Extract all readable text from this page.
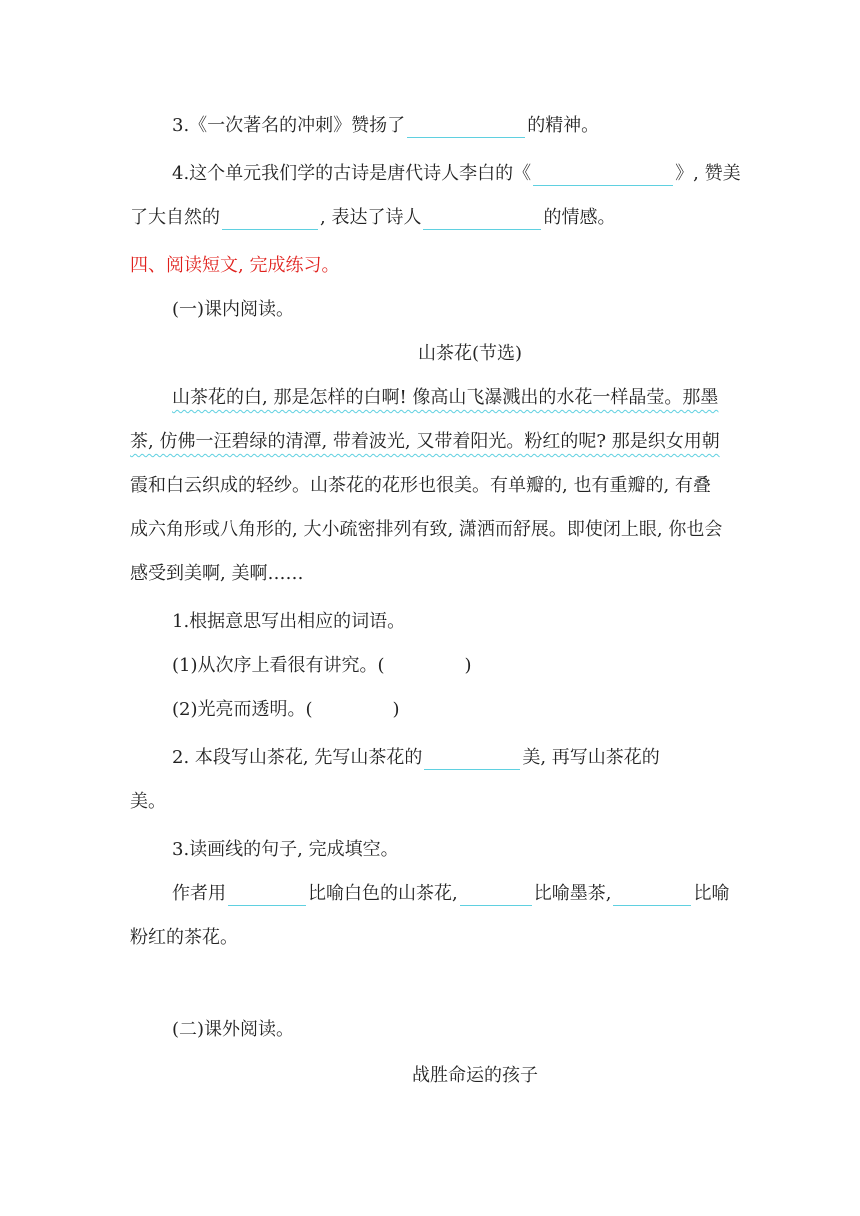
3.《一次著名的冲刺》赞扬了	的精神。
4.这个单元我们学的古诗是唐代诗人李白的《	》, 赞美
了大自然的	, 表达了诗人	的情感。
四、阅读短文, 完成练习。
(一)课内阅读。
山茶花(节选)
山茶花的白, 那是怎样的白啊! 像高山飞瀑溅出的水花一样晶莹。那墨
茶, 仿佛一汪碧绿的清潭, 带着波光, 又带着阳光。粉红的呢? 那是织女用朝
霞和白云织成的轻纱。山茶花的花形也很美。有单瓣的, 也有重瓣的, 有叠
成六角形或八角形的, 大小疏密排列有致, 潇洒而舒展。即使闭上眼, 你也会
感受到美啊, 美啊……
1.根据意思写出相应的词语。
(1)从次序上看很有讲究。(	)
(2)光亮而透明。(	)
2. 本段写山茶花, 先写山茶花的	美, 再写山茶花的
美。
3.读画线的句子, 完成填空。
作者用	比喻白色的山茶花,	比喻墨茶,	比喻
粉红的茶花。
(二)课外阅读。
战胜命运的孩子
